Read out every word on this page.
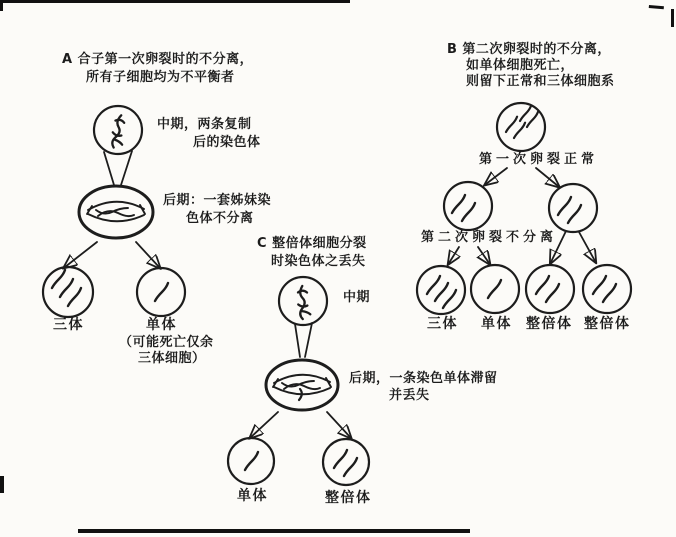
A 合子第一次卵裂时的不分离，
所有子细胞均为不平衡者
中期，两条复制
后的染色体
后期：一套姊妹染
色体不分离
三体	单体
（可能死亡仅余
三体细胞）
B 第二次卵裂时的不分离，
如单体细胞死亡，
则留下正常和三体细胞系
第一次卵裂正常
第二次卵裂不分离
三体 单体 整倍体 整倍体
C 整倍体细胞分裂
时染色体之丢失
中期
后期，一条染色单体滞留
并丢失
单体	整倍体
